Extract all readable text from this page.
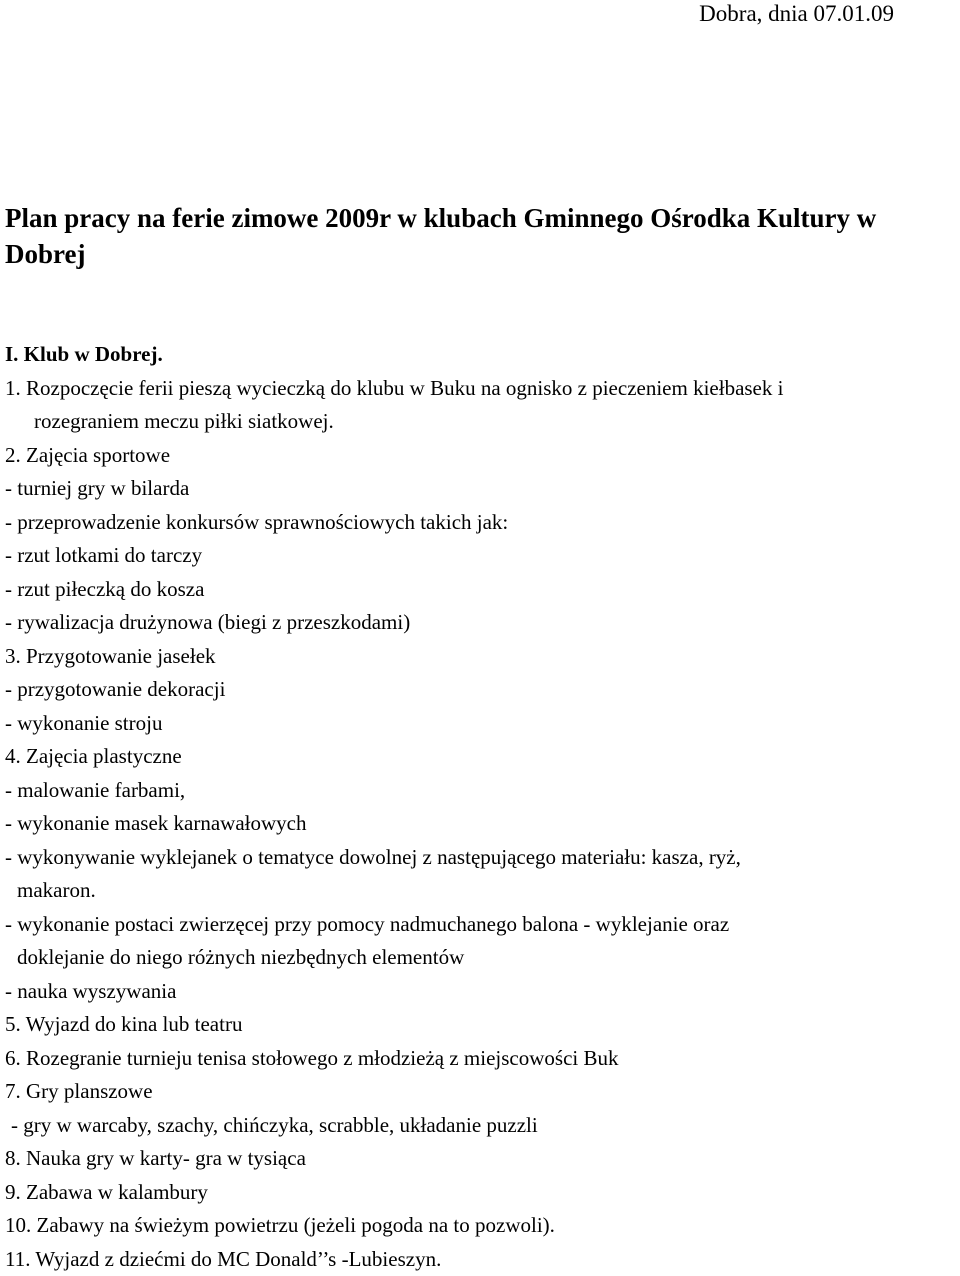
Dobra, dnia 07.01.09
Plan pracy na ferie zimowe 2009r w klubach Gminnego Ośrodka Kultury w Dobrej
I. Klub w Dobrej.
1. Rozpoczęcie ferii pieszą wycieczką do klubu w Buku na ognisko z pieczeniem kiełbasek i
rozegraniem meczu piłki siatkowej.
2. Zajęcia sportowe
- turniej gry w bilarda
- przeprowadzenie konkursów sprawnościowych takich jak:
- rzut lotkami do tarczy
- rzut piłeczką do kosza
- rywalizacja drużynowa (biegi z przeszkodami)
3. Przygotowanie jasełek
- przygotowanie dekoracji
- wykonanie stroju
4. Zajęcia plastyczne
- malowanie farbami,
- wykonanie masek karnawałowych
- wykonywanie wyklejanek o tematyce dowolnej z następującego materiału: kasza, ryż,
makaron.
- wykonanie postaci zwierzęcej przy pomocy nadmuchanego balona - wyklejanie oraz
doklejanie do niego różnych niezbędnych elementów
- nauka wyszywania
5. Wyjazd do kina lub teatru
6. Rozegranie turnieju tenisa stołowego z młodzieżą z miejscowości Buk
7. Gry planszowe
- gry w warcaby, szachy, chińczyka, scrabble, układanie puzzli
8. Nauka gry w karty- gra w tysiąca
9. Zabawa w kalambury
10. Zabawy na świeżym powietrzu (jeżeli pogoda na to pozwoli).
11. Wyjazd z dziećmi do MC Donald’’s -Lubieszyn.
